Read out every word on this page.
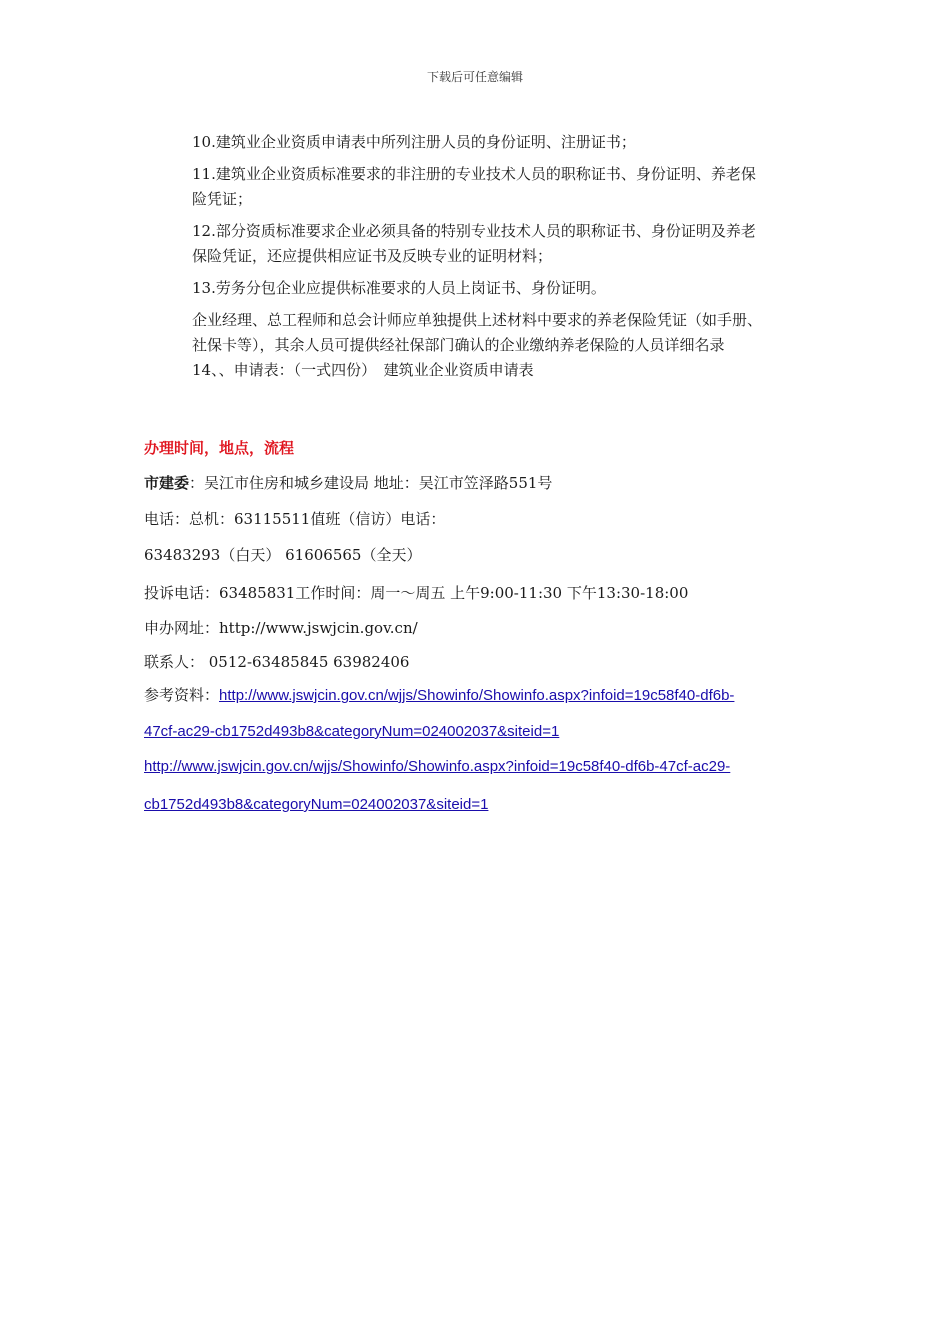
下载后可任意编辑

10.建筑业企业资质申请表中所列注册人员的身份证明、注册证书；

11.建筑业企业资质标准要求的非注册的专业技术人员的职称证书、身份证明、养老保险凭证；

12.部分资质标准要求企业必须具备的特别专业技术人员的职称证书、身份证明及养老保险凭证，还应提供相应证书及反映专业的证明材料；

13.劳务分包企业应提供标准要求的人员上岗证书、身份证明。

企业经理、总工程师和总会计师应单独提供上述材料中要求的养老保险凭证（如手册、社保卡等），其余人员可提供经社保部门确认的企业缴纳养老保险的人员详细名录

14、、申请表：（一式四份）　建筑业企业资质申请表

办理时间，地点，流程
市建委：吴江市住房和城乡建设局 地址：吴江市笠泽路551号
电话：总机：63115511值班（信访）电话：
63483293（白天） 61606565（全天）
投诉电话：63485831工作时间：周一～周五 上午9:00-11:30 下午13:30-18:00
申办网址：http://www.jswjcin.gov.cn/
联系人： 0512-63485845 63982406
参考资料：http://www.jswjcin.gov.cn/wjjs/Showinfo/Showinfo.aspx?infoid=19c58f40-df6b-
47cf-ac29-cb1752d493b8&categoryNum=024002037&siteid=1
http://www.jswjcin.gov.cn/wjjs/Showinfo/Showinfo.aspx?infoid=19c58f40-df6b-47cf-ac29-
cb1752d493b8&categoryNum=024002037&siteid=1
